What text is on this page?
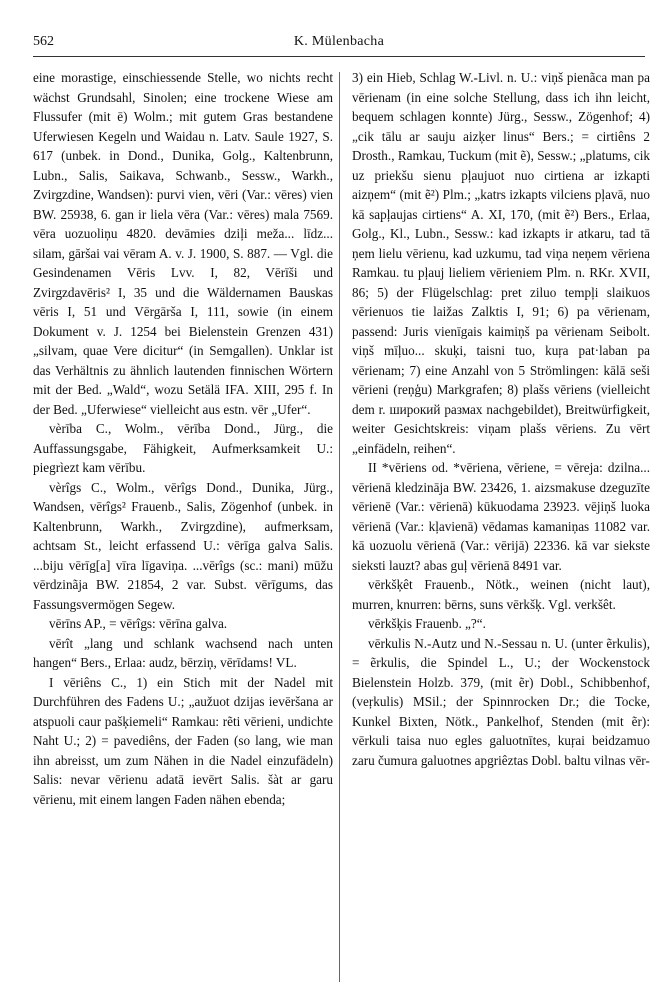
562	K. Mülenbacha

eine morastige, einschiessende Stelle, wo nichts recht wächst Grundsahl, Sinolen; eine trockene Wiese am Flussufer (mit ē) Wolm.; mit gutem Gras bestandene Uferwiesen Kegeln und Waidau n. Latv. Saule 1927, S. 617 (unbek. in Dond., Dunika, Golg., Kaltenbrunn, Lubn., Salis, Saikava, Schwanb., Sessw., Warkh., Zvirgzdine, Wandsen): purvi vien, vēri (Var.: vēres) vien BW. 25938, 6. gan ir liela vēra (Var.: vēres) mala 7569. vēra uozuoliņu 4820. devāmies dziļi meža... līdz... silam, gāršai vai vēram A. v. J. 1900, S. 887. — Vgl. die Gesindenamen Vēris Lvv. I, 82, Vērīši und Zvirgzdavēris² I, 35 und die Wäldernamen Bauskas vēris I, 51 und Vērgārša I, 111, sowie (in einem Dokument v. J. 1254 bei Bielenstein Grenzen 431) „silvam, quae Vere dicitur“ (in Semgallen). Unklar ist das Verhältnis zu ähnlich lautenden finnischen Wörtern mit der Bed. „Wald“, wozu Setälä IFA. XIII, 295 f. In der Bed. „Uferwiese“ vielleicht aus estn. vēr „Ufer“.

vèrība C., Wolm., vērība Dond., Jürg., die Auffassungsgabe, Fähigkeit, Aufmerksamkeit U.: piegrìezt kam vērību.

vèrîgs C., Wolm., vērîgs Dond., Dunika, Jürg., Wandsen, vērîgs² Frauenb., Salis, Zögenhof (unbek. in Kaltenbrunn, Warkh., Zvirgzdine), aufmerksam, achtsam St., leicht erfassend U.: vērīga galva Salis. ...biju vērīg[a] vīra līgaviņa. ...vērîgs (sc.: mani) mūžu vērdzinãja BW. 21854, 2 var. Subst. vērīgums, das Fassungsvermögen Segew.

vērīns AP., = vērîgs: vērīna galva.

vērît „lang und schlank wachsend nach unten hangen“ Bers., Erlaa: audz, bērziņ, vērīdams! VL.

I vēriêns C., 1) ein Stich mit der Nadel mit Durchführen des Fadens U.; „aužuot dzijas ievēršana ar atspuoli caur pašķiemeli“ Ramkau: rẽti vērieni, undichte Naht U.; 2) = pavediêns, der Faden (so lang, wie man ihn abreisst, um zum Nähen in die Nadel einzufädeln) Salis: nevar vērienu adatā ievērt Salis. šàt ar garu vērienu, mit einem langen Faden nähen ebenda;

3) ein Hieb, Schlag W.-Livl. n. U.: viņš pienãca man pa vērienam (in eine solche Stellung, dass ich ihn leicht, bequem schlagen konnte) Jürg., Sessw., Zögenhof; 4) „cik tālu ar sauju aizķer linus“ Bers.; = cirtiêns 2 Drosth., Ramkau, Tuckum (mit ẽ), Sessw.; „platums, cik uz priekšu sienu pļaujuot nuo cirtiena ar izkapti aizņem“ (mit ẽ²) Plm.; „katrs izkapts vilciens pļavā, nuo kā sapļaujas cirtiens“ A. XI, 170, (mit ẽ²) Bers., Erlaa, Golg., Kl., Lubn., Sessw.: kad izkapts ir atkaru, tad tā ņem lielu vērienu, kad uzkumu, tad viņa neņem vēriena Ramkau. tu pļauj lieliem vērieniem Plm. n. RKr. XVII, 86; 5) der Flügelschlag: pret ziluo tempļi slaikuos vērienuos tie laižas Zalktis I, 91; 6) pa vērienam, passend: Juris vienīgais kaimiņš pa vērienam Seibolt. viņš mīļuo... skuķi, taisni tuo, kuŗa pat·laban pa vērienam; 7) eine Anzahl von 5 Strömlingen: kālā seši vērieni (reņģu) Markgrafen; 8) plašs vēriens (vielleicht dem r. широкий размах nachgebildet), Breitwürfigkeit, weiter Gesichtskreis: viņam plašs vēriens. Zu vērt „einfädeln, reihen“.

II *vēriens od. *vēriena, vēriene, = vēreja: dzilna... vērienā kledzināja BW. 23426, 1. aizsmakuse dzeguzīte vērienē (Var.: vērienā) kūkuodama 23923. vējiņš luoka vērienā (Var.: kļavienā) vēdamas kamaniņas 11082 var. kā uozuolu vērienā (Var.: vērijā) 22336. kā var siekste sieksti lauzt? abas guļ vērienā 8491 var.

vērkšķêt Frauenb., Nötk., weinen (nicht laut), murren, knurren: bērns, suns vērkšķ. Vgl. verkšêt.

vērkšķis Frauenb. „?“.

vērkulis N.-Autz und N.-Sessau n. U. (unter ẽrkulis), = ẽrkulis, die Spindel L., U.; der Wockenstock Bielenstein Holzb. 379, (mit ẽr) Dobl., Schibbenhof, (veŗkulis) MSil.; der Spinnrocken Dr.; die Tocke, Kunkel Bixten, Nötk., Pankelhof, Stenden (mit ẽr): vērkuli taisa nuo egles galuotnītes, kuŗai beidzamuo zaru čumura galuotnes apgriêztas Dobl. baltu vilnas vēr-
